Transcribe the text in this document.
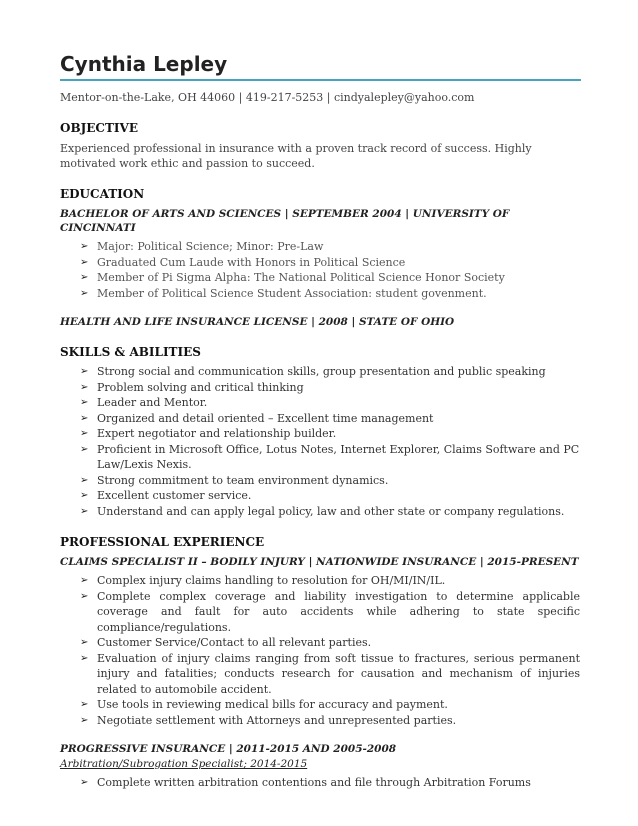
Cynthia Lepley
Mentor-on-the-Lake, OH 44060 | 419-217-5253 | cindyalepley@yahoo.com
OBJECTIVE
Experienced professional in insurance with a proven track record of success. Highly motivated work ethic and passion to succeed.
EDUCATION
BACHELOR OF ARTS AND SCIENCES | SEPTEMBER 2004 | UNIVERSITY OF CINCINNATI
➢ Major: Political Science; Minor: Pre-Law
➢ Graduated Cum Laude with Honors in Political Science
➢ Member of Pi Sigma Alpha: The National Political Science Honor Society
➢ Member of Political Science Student Association: student govenment.
HEALTH AND LIFE INSURANCE LICENSE | 2008 | STATE OF OHIO
SKILLS & ABILITIES
➢ Strong social and communication skills, group presentation and public speaking
➢ Problem solving and critical thinking
➢ Leader and Mentor.
➢ Organized and detail oriented – Excellent time management
➢ Expert negotiator and relationship builder.
➢ Proficient in Microsoft Office, Lotus Notes, Internet Explorer, Claims Software and PC Law/Lexis Nexis.
➢ Strong commitment to team environment dynamics.
➢ Excellent customer service.
➢ Understand and can apply legal policy, law and other state or company regulations.
PROFESSIONAL EXPERIENCE
CLAIMS SPECIALIST II – BODILY INJURY | NATIONWIDE INSURANCE | 2015-PRESENT
➢ Complex injury claims handling to resolution for OH/MI/IN/IL.
➢ Complete complex coverage and liability investigation to determine applicable coverage and fault for auto accidents while adhering to state specific compliance/regulations.
➢ Customer Service/Contact to all relevant parties.
➢ Evaluation of injury claims ranging from soft tissue to fractures, serious permanent injury and fatalities; conducts research for causation and mechanism of injuries related to automobile accident.
➢ Use tools in reviewing medical bills for accuracy and payment.
➢ Negotiate settlement with Attorneys and unrepresented parties.
PROGRESSIVE INSURANCE | 2011-2015 AND 2005-2008
Arbitration/Subrogation Specialist; 2014-2015
➢ Complete written arbitration contentions and file through Arbitration Forums
